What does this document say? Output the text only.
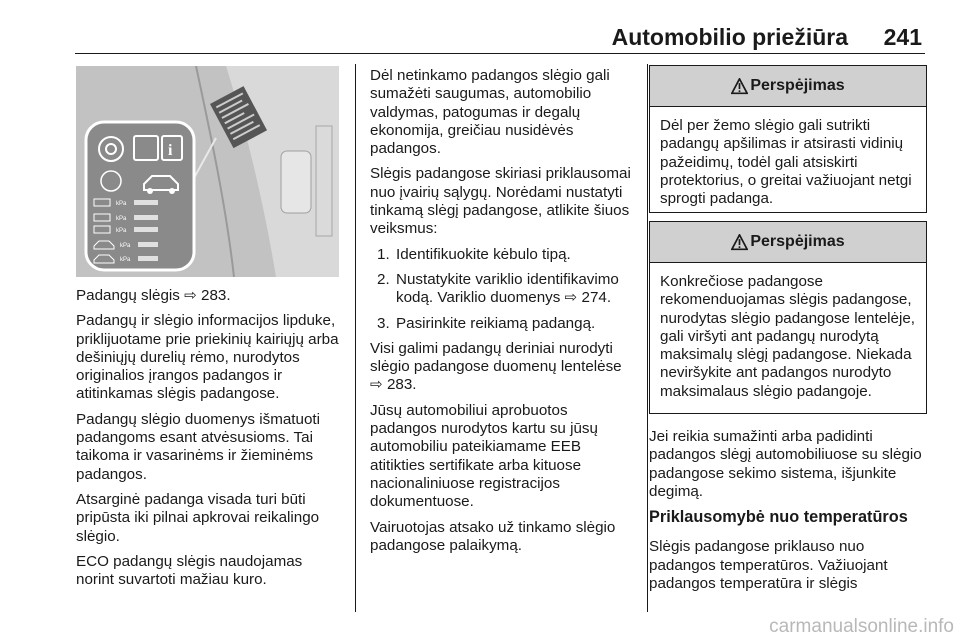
Automobilio priežiūra 241
i
kPa
kPa
kPa
kPa
kPa

Padangų slėgis ⇨ 283.

Padangų ir slėgio informacijos lipduke, priklijuotame prie priekinių kairiųjų arba dešiniųjų durelių rėmo, nurodytos originalios įrangos padangos ir atitinkamas slėgis padangose.

Padangų slėgio duomenys išmatuoti padangoms esant atvėsusioms. Tai taikoma ir vasarinėms ir žieminėms padangos.

Atsarginė padanga visada turi būti pripūsta iki pilnai apkrovai reikalingo slėgio.

ECO padangų slėgis naudojamas norint suvartoti mažiau kuro.

Dėl netinkamo padangos slėgio gali sumažėti saugumas, automobilio valdymas, patogumas ir degalų ekonomija, greičiau nusidėvės padangos.

Slėgis padangose skiriasi priklausomai nuo įvairių sąlygų. Norėdami nustatyti tinkamą slėgį padangose, atlikite šiuos veiksmus:

1. Identifikuokite kėbulo tipą.
2. Nustatykite variklio identifikavimo kodą. Variklio duomenys ⇨ 274.
3. Pasirinkite reikiamą padangą.

Visi galimi padangų deriniai nurodyti slėgio padangose duomenų lentelėse ⇨ 283.

Jūsų automobiliui aprobuotos padangos nurodytos kartu su jūsų automobiliu pateikiamame EEB atitikties sertifikate arba kituose nacionaliniuose registracijos dokumentuose.

Vairuotojas atsako už tinkamo slėgio padangose palaikymą.

Perspėjimas
Dėl per žemo slėgio gali sutrikti padangų apšilimas ir atsirasti vidinių pažeidimų, todėl gali atsiskirti protektorius, o greitai važiuojant netgi sprogti padanga.
Perspėjimas
Konkrečiose padangose rekomenduojamas slėgis padangose, nurodytas slėgio padangose lentelėje, gali viršyti ant padangų nurodytą maksimalų slėgį padangose. Niekada neviršykite ant padangos nurodyto maksimalaus slėgio padangoje.

Jei reikia sumažinti arba padidinti padangos slėgį automobiliuose su slėgio padangose sekimo sistema, išjunkite degimą.

Priklausomybė nuo temperatūros

Slėgis padangose priklauso nuo padangos temperatūros. Važiuojant padangos temperatūra ir slėgis

carmanualsonline.info
